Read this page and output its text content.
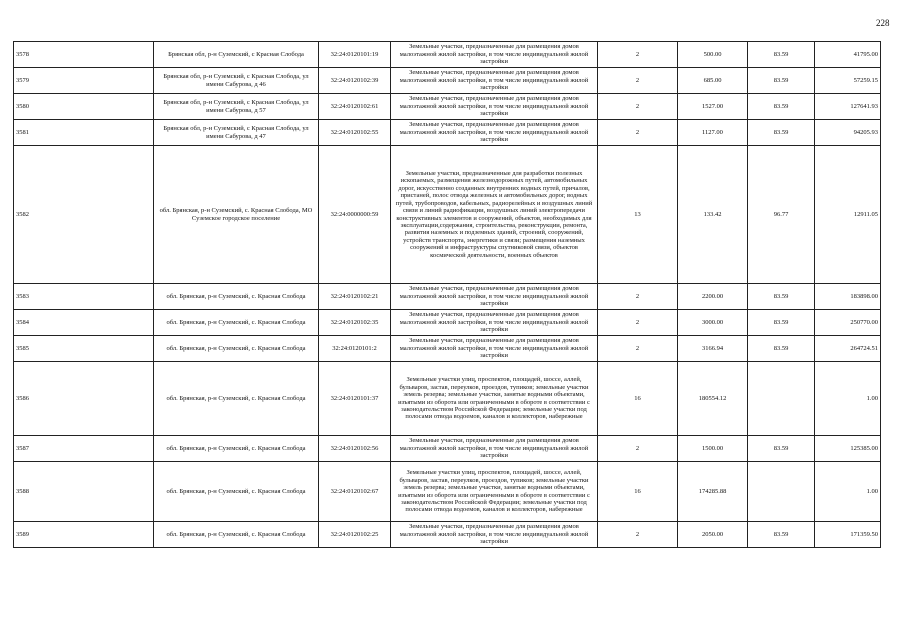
228
3578	Брянская обл, р-н Суземский, с Красная Слобода	32:24:0120101:19	Земельные участки, предназначенные для размещения домов малоэтажной жилой застройки, в том числе индивидуальной жилой застройки	2	500.00	83.59	41795.00
3579	Брянская обл, р-н Суземский, с Красная Слобода, ул имени Сабурова, д 46	32:24:0120102:39	Земельные участки, предназначенные для размещения домов малоэтажной жилой застройки, в том числе индивидуальной жилой застройки	2	685.00	83.59	57259.15
3580	Брянская обл, р-н Суземский, с Красная Слобода, ул имени Сабурова, д 57	32:24:0120102:61	Земельные участки, предназначенные для размещения домов малоэтажной жилой застройки, в том числе индивидуальной жилой застройки	2	1527.00	83.59	127641.93
3581	Брянская обл, р-н Суземский, с Красная Слобода, ул имени Сабурова, д 47	32:24:0120102:55	Земельные участки, предназначенные для размещения домов малоэтажной жилой застройки, в том числе индивидуальной жилой застройки	2	1127.00	83.59	94205.93
3582	обл. Брянская, р-н Суземский, с. Красная Слобода, МО Суземское городское поселение	32:24:0000000:59	Земельные участки, предназначенные для разработки полезных ископаемых, размещения железнодорожных путей, автомобильных дорог, искусственно созданных внутренних водных путей, причалов, пристаней, полос отвода железных и автомобильных дорог, водных путей, трубопроводов, кабельных, радиорелейных и воздушных линий связи и линий радиофикации, воздушных линий электропередачи конструктивных элементов и сооружений, объектов, необходимых для эксплуатации,содержания, строительства, реконструкции, ремонта, развития наземных и подземных зданий, строений, сооружений, устройств транспорта, энергетики и связи; размещения наземных сооружений и инфраструктуры спутниковой связи, объектов космической деятельности, военных объектов	13	133.42	96.77	12911.05
3583	обл. Брянская, р-н Суземский, с. Красная Слобода	32:24:0120102:21	Земельные участки, предназначенные для размещения домов малоэтажной жилой застройки, в том числе индивидуальной жилой застройки	2	2200.00	83.59	183898.00
3584	обл. Брянская, р-н Суземский, с. Красная Слобода	32:24:0120102:35	Земельные участки, предназначенные для размещения домов малоэтажной жилой застройки, в том числе индивидуальной жилой застройки	2	3000.00	83.59	250770.00
3585	обл. Брянская, р-н Суземский, с. Красная Слобода	32:24:0120101:2	Земельные участки, предназначенные для размещения домов малоэтажной жилой застройки, в том числе индивидуальной жилой застройки	2	3166.94	83.59	264724.51
3586	обл. Брянская, р-н Суземский, с. Красная Слобода	32:24:0120101:37	Земельные участки улиц, проспектов, площадей, шоссе, аллей, бульваров, застав, переулков, проездов, тупиков; земельные участки земель резерва; земельные участки, занятые водными объектами, изъятыми из оборота или ограниченными в обороте в соответствии с законодательством Российской Федерации; земельные участки под полосами отвода водоемов, каналов и коллекторов, набережные	16	180554.12		1.00
3587	обл. Брянская, р-н Суземский, с. Красная Слобода	32:24:0120102:56	Земельные участки, предназначенные для размещения домов малоэтажной жилой застройки, в том числе индивидуальной жилой застройки	2	1500.00	83.59	125385.00
3588	обл. Брянская, р-н Суземский, с. Красная Слобода	32:24:0120102:67	Земельные участки улиц, проспектов, площадей, шоссе, аллей, бульваров, застав, переулков, проездов, тупиков; земельные участки земель резерва; земельные участки, занятые водными объектами, изъятыми из оборота или ограниченными в обороте в соответствии с законодательством Российской Федерации; земельные участки под полосами отвода водоемов, каналов и коллекторов, набережные	16	174285.88		1.00
3589	обл. Брянская, р-н Суземский, с. Красная Слобода	32:24:0120102:25	Земельные участки, предназначенные для размещения домов малоэтажной жилой застройки, в том числе индивидуальной жилой застройки	2	2050.00	83.59	171359.50
